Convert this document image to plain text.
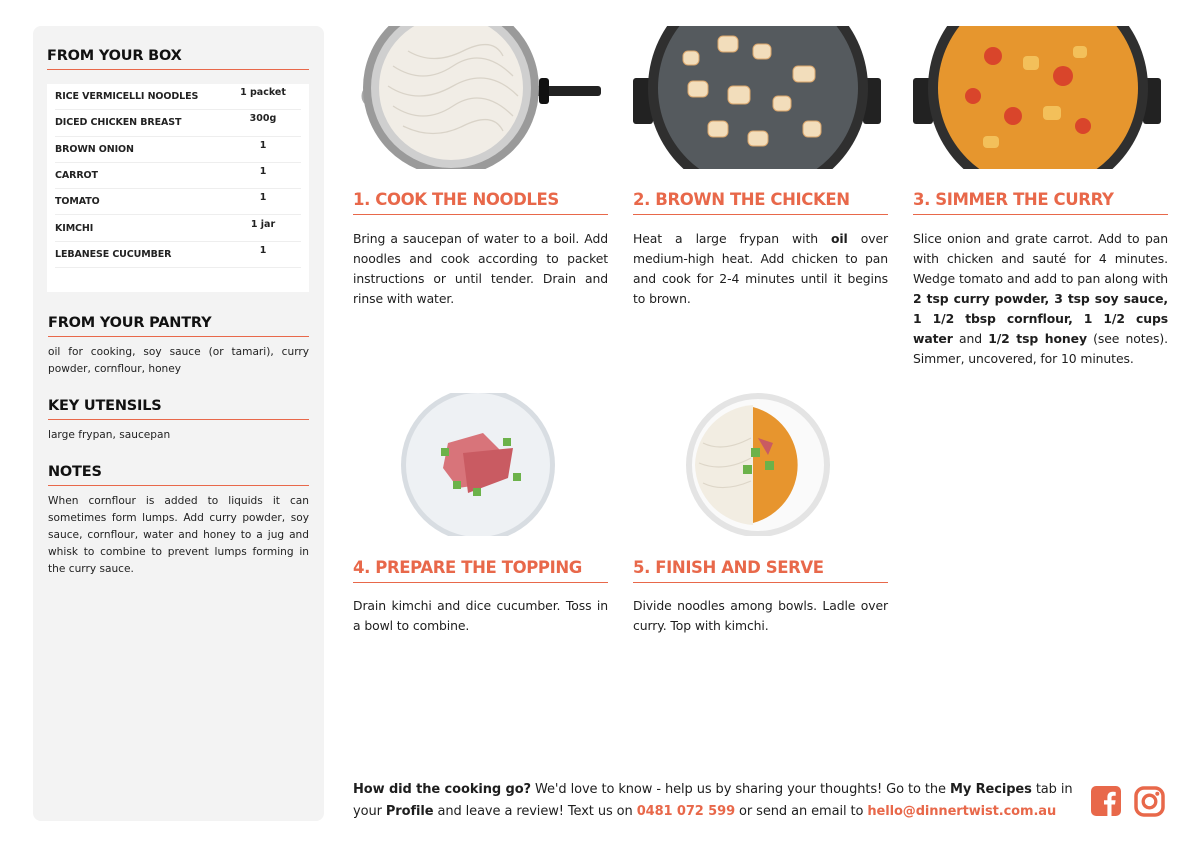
FROM YOUR BOX
RICE VERMICELLI NOODLES	1 packet
DICED CHICKEN BREAST	300g
BROWN ONION	1
CARROT	1
TOMATO	1
KIMCHI	1 jar
LEBANESE CUCUMBER	1
FROM YOUR PANTRY
oil for cooking, soy sauce (or tamari), curry powder, cornflour, honey
KEY UTENSILS
large frypan, saucepan
NOTES
When cornflour is added to liquids it can sometimes form lumps. Add curry powder, soy sauce, cornflour, water and honey to a jug and whisk to combine to prevent lumps forming in the curry sauce.
1. COOK THE NOODLES
Bring a saucepan of water to a boil. Add noodles and cook according to packet instructions or until tender. Drain and rinse with water.
2. BROWN THE CHICKEN
Heat a large frypan with oil over medium-high heat. Add chicken to pan and cook for 2-4 minutes until it begins to brown.
3. SIMMER THE CURRY
Slice onion and grate carrot. Add to pan with chicken and sauté for 4 minutes. Wedge tomato and add to pan along with 2 tsp curry powder, 3 tsp soy sauce, 1 1/2 tbsp cornflour, 1 1/2 cups water and 1/2 tsp honey (see notes). Simmer, uncovered, for 10 minutes.
4. PREPARE THE TOPPING
Drain kimchi and dice cucumber. Toss in a bowl to combine.
5. FINISH AND SERVE
Divide noodles among bowls. Ladle over curry. Top with kimchi.
How did the cooking go? We'd love to know - help us by sharing your thoughts! Go to the My Recipes tab in your Profile and leave a review! Text us on 0481 072 599 or send an email to hello@dinnertwist.com.au
